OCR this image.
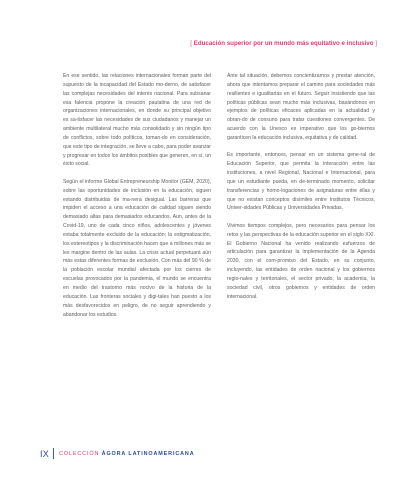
[ Educación superior por un mundo más equitativo e inclusivo ]

En ese sentido, las relaciones internacionales forman parte del supuesto de la incapacidad del Estado mo-derno, de satisfacer las complejas necesidades del interés nacional. Para subsanar esa falencia propone la creación paulatina de una red de organizaciones internacionales, en donde su principal objetivo es sa-tisfacer las necesidades de sus ciudadanos y manejar un ambiente multilateral mucho más consolidado y sin ningún tipo de conflictos, sobre todo políticos, toman-do en consideración, que este tipo de integración, se lleve a cabo, para poder avanzar y progresar en todos los ámbitos posibles que generen, en sí, un éxito social.

Según el informe Global Entrepreneurship Monitor (GEM, 2020), sobre las oportunidades de inclusión en la educación, siguen estando distribuidas de ma-nera desigual. Las barreras que impiden el acceso a una educación de calidad siguen siendo demasiado altas para demasiados educandos. Aun, antes de la Covid-19, uno de cada cinco niños, adolescentes y jóvenes estaba totalmente excluido de la educación; la estigmatización, los estereotipos y la discriminación hacen que a millones más se les margine dentro de las aulas. La crisis actual perpetuará aún más estas diferentes formas de exclusión. Con más del 90 % de la población escolar mundial afectada por los cierres de escuelas provocados por la pandemia, el mundo se encuentra en medio del trastorno más nocivo de la historia de la educación. Las fronteras sociales y digi-tales han puesto a los más desfavorecidos en peligro, de no seguir aprendiendo y abandonar los estudios.

Ante tal situación, debemos concientizarnos y prestar atención, ahora que intentamos preparar el camino para sociedades más resilientes e igualitarias en el futuro. Seguir insistiendo que las políticas públicas sean mucho más inclusivas, basándonos en ejemplos de políticas eficaces aplicadas en la actualidad y obran-do de consuno para tratar cuestiones convergentes. De acuerdo con la Unesco es imperativo que los go-biernos garanticen la educación inclusiva, equitativa y de calidad.

Es importante, entonces, pensar en un sistema gene-ral de Educación Superior, que permita la interacción entre las instituciones, a nivel Regional, Nacional e Internacional, para que un estudiante pueda, en de-terminado momento, solicitar transferencias y homo-logaciones de asignaturas entre ellas y que no existan conceptos disímiles entre Institutos Técnicos, Univer-sidades Públicas y Universidades Privadas.

Vivimos tiempos complejos, pero necesarios para pensar los retos y las perspectivas de la educación superior en el siglo XXI. El Gobierno Nacional ha venido realizando esfuerzos de articulación para garantizar la implementación de la Agenda 2030, con el com-promiso del Estado, en su conjunto, incluyendo, las entidades de orden nacional y los gobiernos regio-nales y territoriales, el sector privado, la academia, la sociedad civil, otros gobiernos y entidades de orden internacional.

IX COLECCIÓN ÁGORA LATINOAMERICANA
